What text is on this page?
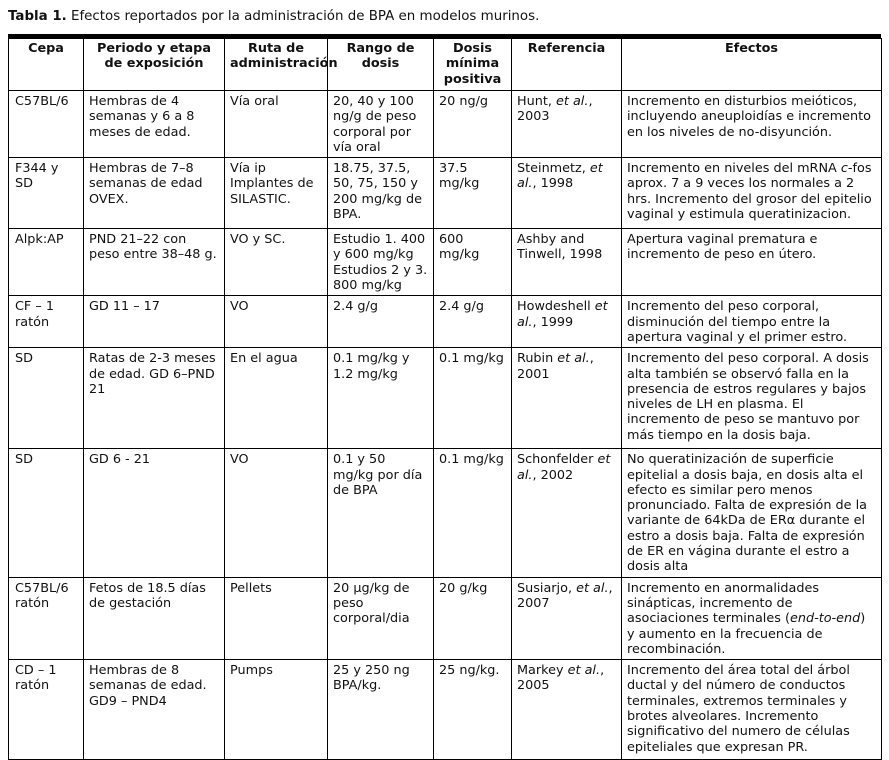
Tabla 1. Efectos reportados por la administración de BPA en modelos murinos.
Cepa	Periodo y etapa de exposición	Ruta de administración	Rango de dosis	Dosis mínima positiva	Referencia	Efectos
C57BL/6	Hembras de 4 semanas y 6 a 8 meses de edad.	Vía oral	20, 40 y 100 ng/g de peso corporal por vía oral	20 ng/g	Hunt, et al., 2003	Incremento en disturbios meióticos, incluyendo aneuploidías e incremento en los niveles de no-disyunción.
F344 y SD	Hembras de 7–8 semanas de edad OVEX.	Vía ip Implantes de SILASTIC.	18.75, 37.5, 50, 75, 150 y 200 mg/kg de BPA.	37.5 mg/kg	Steinmetz, et al., 1998	Incremento en niveles del mRNA c-fos aprox. 7 a 9 veces los normales a 2 hrs. Incremento del grosor del epitelio vaginal y estimula queratinizacion.
Alpk:AP	PND 21–22 con peso entre 38–48 g.	VO y SC.	Estudio 1. 400 y 600 mg/kg Estudios 2 y 3. 800 mg/kg	600 mg/kg	Ashby and Tinwell, 1998	Apertura vaginal prematura e incremento de peso en útero.
CF – 1 ratón	GD 11 – 17	VO	2.4 g/g	2.4 g/g	Howdeshell et al., 1999	Incremento del peso corporal, disminución del tiempo entre la apertura vaginal y el primer estro.
SD	Ratas de 2-3 meses de edad. GD 6–PND 21	En el agua	0.1 mg/kg y 1.2 mg/kg	0.1 mg/kg	Rubin et al., 2001	Incremento del peso corporal. A dosis alta también se observó falla en la presencia de estros regulares y bajos niveles de LH en plasma. El incremento de peso se mantuvo por más tiempo en la dosis baja.
SD	GD 6 - 21	VO	0.1 y 50 mg/kg por día de BPA	0.1 mg/kg	Schonfelder et al., 2002	No queratinización de superficie epitelial a dosis baja, en dosis alta el efecto es similar pero menos pronunciado. Falta de expresión de la variante de 64kDa de ERα durante el estro a dosis baja. Falta de expresión de ER en vágina durante el estro a dosis alta
C57BL/6 ratón	Fetos de 18.5 días de gestación	Pellets	20 μg/kg de peso corporal/dia	20 g/kg	Susiarjo, et al., 2007	Incremento en anormalidades sinápticas, incremento de asociaciones terminales (end-to-end) y aumento en la frecuencia de recombinación.
CD – 1 ratón	Hembras de 8 semanas de edad. GD9 – PND4	Pumps	25 y 250 ng BPA/kg.	25 ng/kg.	Markey et al., 2005	Incremento del área total del árbol ductal y del número de conductos terminales, extremos terminales y brotes alveolares. Incremento significativo del numero de células epiteliales que expresan PR.
